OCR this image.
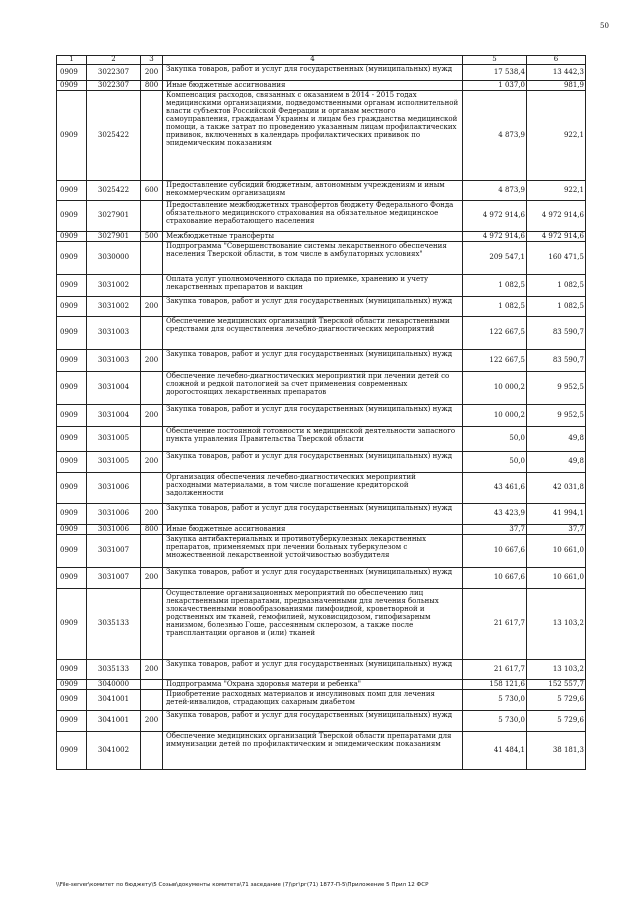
50
1	2	3	4	5	6
0909	3022307	200	Закупка товаров, работ и услуг для государственных (муниципальных) нужд	17 538,4	13 442,3
0909	3022307	800	Иные бюджетные ассигнования	1 037,0	981,9
0909	3025422		Компенсация расходов, связанных с оказанием в 2014 - 2015 годах медицинскими организациями, подведомственными органам исполнительной власти субъектов Российской Федерации и органам местного самоуправления, гражданам Украины и лицам без гражданства медицинской помощи, а также затрат по проведению указанным лицам профилактических прививок, включенных в календарь профилактических прививок по эпидемическим показаниям	4 873,9	922,1
0909	3025422	600	Предоставление субсидий бюджетным, автономным учреждениям и иным некоммерческим организациям	4 873,9	922,1
0909	3027901		Предоставление межбюджетных трансфертов бюджету Федерального Фонда обязательного медицинского страхования на обязательное медицинское страхование неработающего населения	4 972 914,6	4 972 914,6
0909	3027901	500	Межбюджетные трансферты	4 972 914,6	4 972 914,6
0909	3030000		Подпрограмма "Совершенствование системы лекарственного обеспечения населения Тверской области, в том числе в амбулаторных условиях"	209 547,1	160 471,5
0909	3031002		Оплата услуг уполномоченного склада по приемке, хранению и учету лекарственных препаратов и вакцин	1 082,5	1 082,5
0909	3031002	200	Закупка товаров, работ и услуг для государственных (муниципальных) нужд	1 082,5	1 082,5
0909	3031003		Обеспечение медицинских организаций Тверской области лекарственными средствами для осуществления лечебно-диагностических мероприятий	122 667,5	83 590,7
0909	3031003	200	Закупка товаров, работ и услуг для государственных (муниципальных) нужд	122 667,5	83 590,7
0909	3031004		Обеспечение лечебно-диагностических мероприятий при лечении детей со сложной и редкой патологией за счет применения современных дорогостоящих лекарственных препаратов	10 000,2	9 952,5
0909	3031004	200	Закупка товаров, работ и услуг для государственных (муниципальных) нужд	10 000,2	9 952,5
0909	3031005		Обеспечение постоянной готовности к медицинской деятельности запасного пункта управления Правительства Тверской области	50,0	49,8
0909	3031005	200	Закупка товаров, работ и услуг для государственных (муниципальных) нужд	50,0	49,8
0909	3031006		Организация обеспечения лечебно-диагностических мероприятий расходными материалами, в том числе погашение кредиторской задолженности	43 461,6	42 031,8
0909	3031006	200	Закупка товаров, работ и услуг для государственных (муниципальных) нужд	43 423,9	41 994,1
0909	3031006	800	Иные бюджетные ассигнования	37,7	37,7
0909	3031007		Закупка антибактериальных и противотуберкулезных лекарственных препаратов, применяемых при лечении больных туберкулезом с множественной лекарственной устойчивостью возбудителя	10 667,6	10 661,0
0909	3031007	200	Закупка товаров, работ и услуг для государственных (муниципальных) нужд	10 667,6	10 661,0
0909	3035133		Осуществление организационных мероприятий по обеспечению лиц лекарственными препаратами, предназначенными для лечения больных злокачественными новообразованиями лимфоидной, кроветворной и родственных им тканей, гемофилией, муковисцидозом, гипофизарным нанизмом, болезнью Гоше, рассеянным склерозом, а также после трансплантации органов и (или) тканей	21 617,7	13 103,2
0909	3035133	200	Закупка товаров, работ и услуг для государственных (муниципальных) нужд	21 617,7	13 103,2
0909	3040000		Подпрограмма "Охрана здоровья матери и ребенка"	158 121,6	152 557,7
0909	3041001		Приобретение расходных материалов и инсулиновых помп для лечения детей-инвалидов, страдающих сахарным диабетом	5 730,0	5 729,6
0909	3041001	200	Закупка товаров, работ и услуг для государственных (муниципальных) нужд	5 730,0	5 729,6
0909	3041002		Обеспечение медицинских организаций Тверской области препаратами для иммунизации детей по профилактическим и эпидемическим показаниям	41 484,1	38 181,3
\\File-server\комитет по бюджету\5 Созыв\документы комитета\71 заседание (7)\рг\рг(71) 1877-П-5\Приложение 5 Прил 12 ФСР
